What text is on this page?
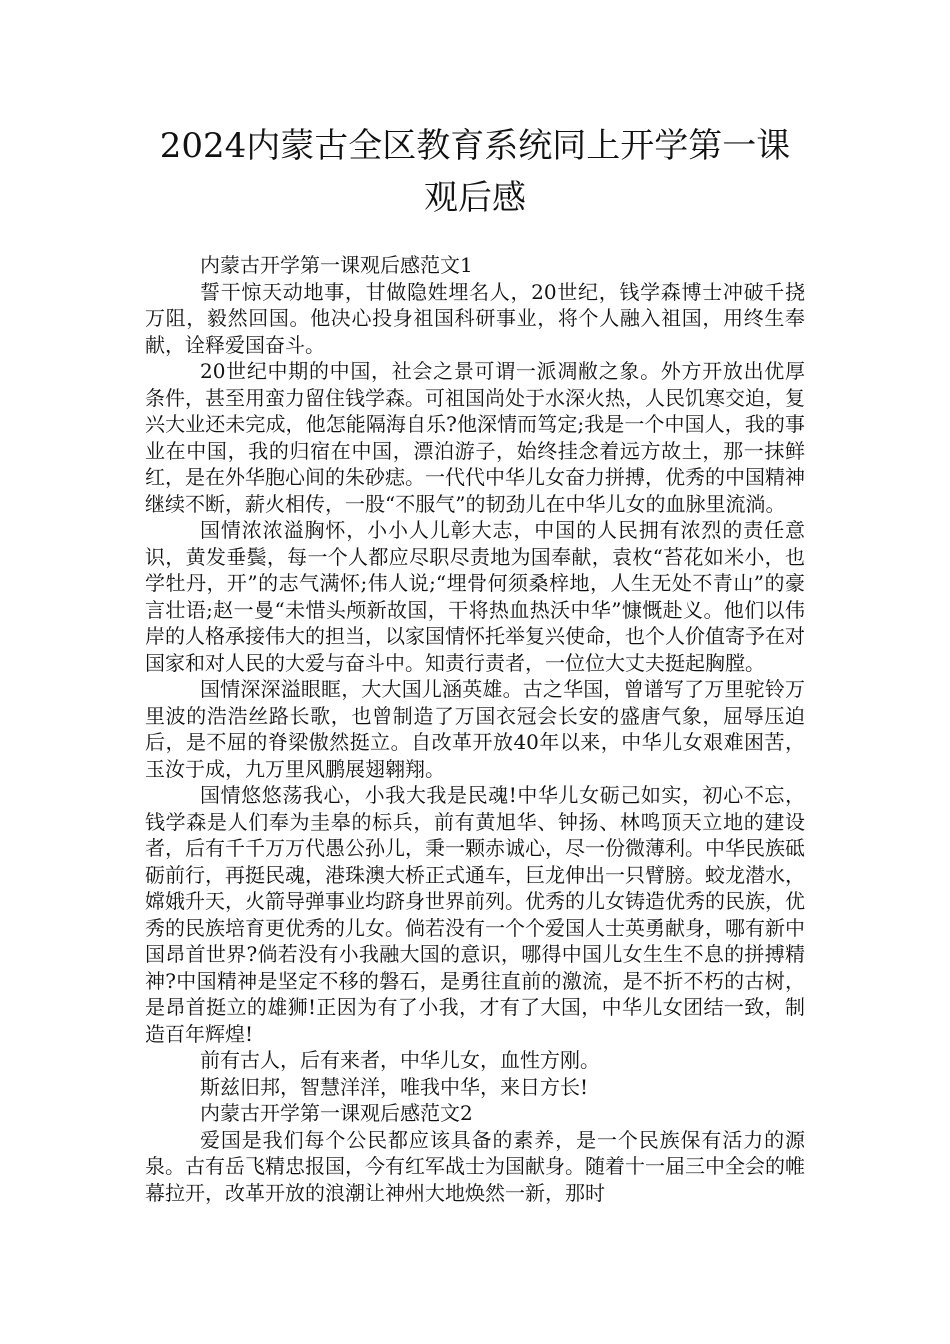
2024内蒙古全区教育系统同上开学第一课
观后感

内蒙古开学第一课观后感范文1

誓干惊天动地事，甘做隐姓埋名人，20世纪，钱学森博士冲破千挠万阻，毅然回国。他决心投身祖国科研事业，将个人融入祖国，用终生奉献，诠释爱国奋斗。

20世纪中期的中国，社会之景可谓一派凋敝之象。外方开放出优厚条件，甚至用蛮力留住钱学森。可祖国尚处于水深火热，人民饥寒交迫，复兴大业还未完成，他怎能隔海自乐?他深情而笃定;我是一个中国人，我的事业在中国，我的归宿在中国，漂泊游子，始终挂念着远方故土，那一抹鲜红，是在外华胞心间的朱砂痣。一代代中华儿女奋力拼搏，优秀的中国精神继续不断，薪火相传，一股“不服气”的韧劲儿在中华儿女的血脉里流淌。

国情浓浓溢胸怀，小小人儿彰大志，中国的人民拥有浓烈的责任意识，黄发垂鬓，每一个人都应尽职尽责地为国奉献，袁枚“苔花如米小，也学牡丹，开”的志气满怀;伟人说;“埋骨何须桑梓地，人生无处不青山”的豪言壮语;赵一曼“未惜头颅新故国，干将热血热沃中华”慷慨赴义。他们以伟岸的人格承接伟大的担当，以家国情怀托举复兴使命，也个人价值寄予在对国家和对人民的大爱与奋斗中。知责行责者，一位位大丈夫挺起胸膛。

国情深深溢眼眶，大大国儿涵英雄。古之华国，曾谱写了万里驼铃万里波的浩浩丝路长歌，也曾制造了万国衣冠会长安的盛唐气象，屈辱压迫后，是不屈的脊梁傲然挺立。自改革开放40年以来，中华儿女艰难困苦，玉汝于成，九万里风鹏展翅翱翔。

国情悠悠荡我心，小我大我是民魂!中华儿女砺己如实，初心不忘，钱学森是人们奉为圭皋的标兵，前有黄旭华、钟扬、林鸣顶天立地的建设者，后有千千万万代愚公孙儿，秉一颗赤诚心，尽一份微薄利。中华民族砥砺前行，再挺民魂，港珠澳大桥正式通车，巨龙伸出一只臂膀。蛟龙潜水，嫦娥升天，火箭导弹事业均跻身世界前列。优秀的儿女铸造优秀的民族，优秀的民族培育更优秀的儿女。倘若没有一个个爱国人士英勇献身，哪有新中国昂首世界?倘若没有小我融大国的意识，哪得中国儿女生生不息的拼搏精神?中国精神是坚定不移的磐石，是勇往直前的激流，是不折不朽的古树，是昂首挺立的雄狮!正因为有了小我，才有了大国，中华儿女团结一致，制造百年辉煌!

前有古人，后有来者，中华儿女，血性方刚。

斯兹旧邦，智慧洋洋，唯我中华，来日方长!

内蒙古开学第一课观后感范文2

爱国是我们每个公民都应该具备的素养，是一个民族保有活力的源泉。古有岳飞精忠报国，今有红军战士为国献身。随着十一届三中全会的帷幕拉开，改革开放的浪潮让神州大地焕然一新，那时
